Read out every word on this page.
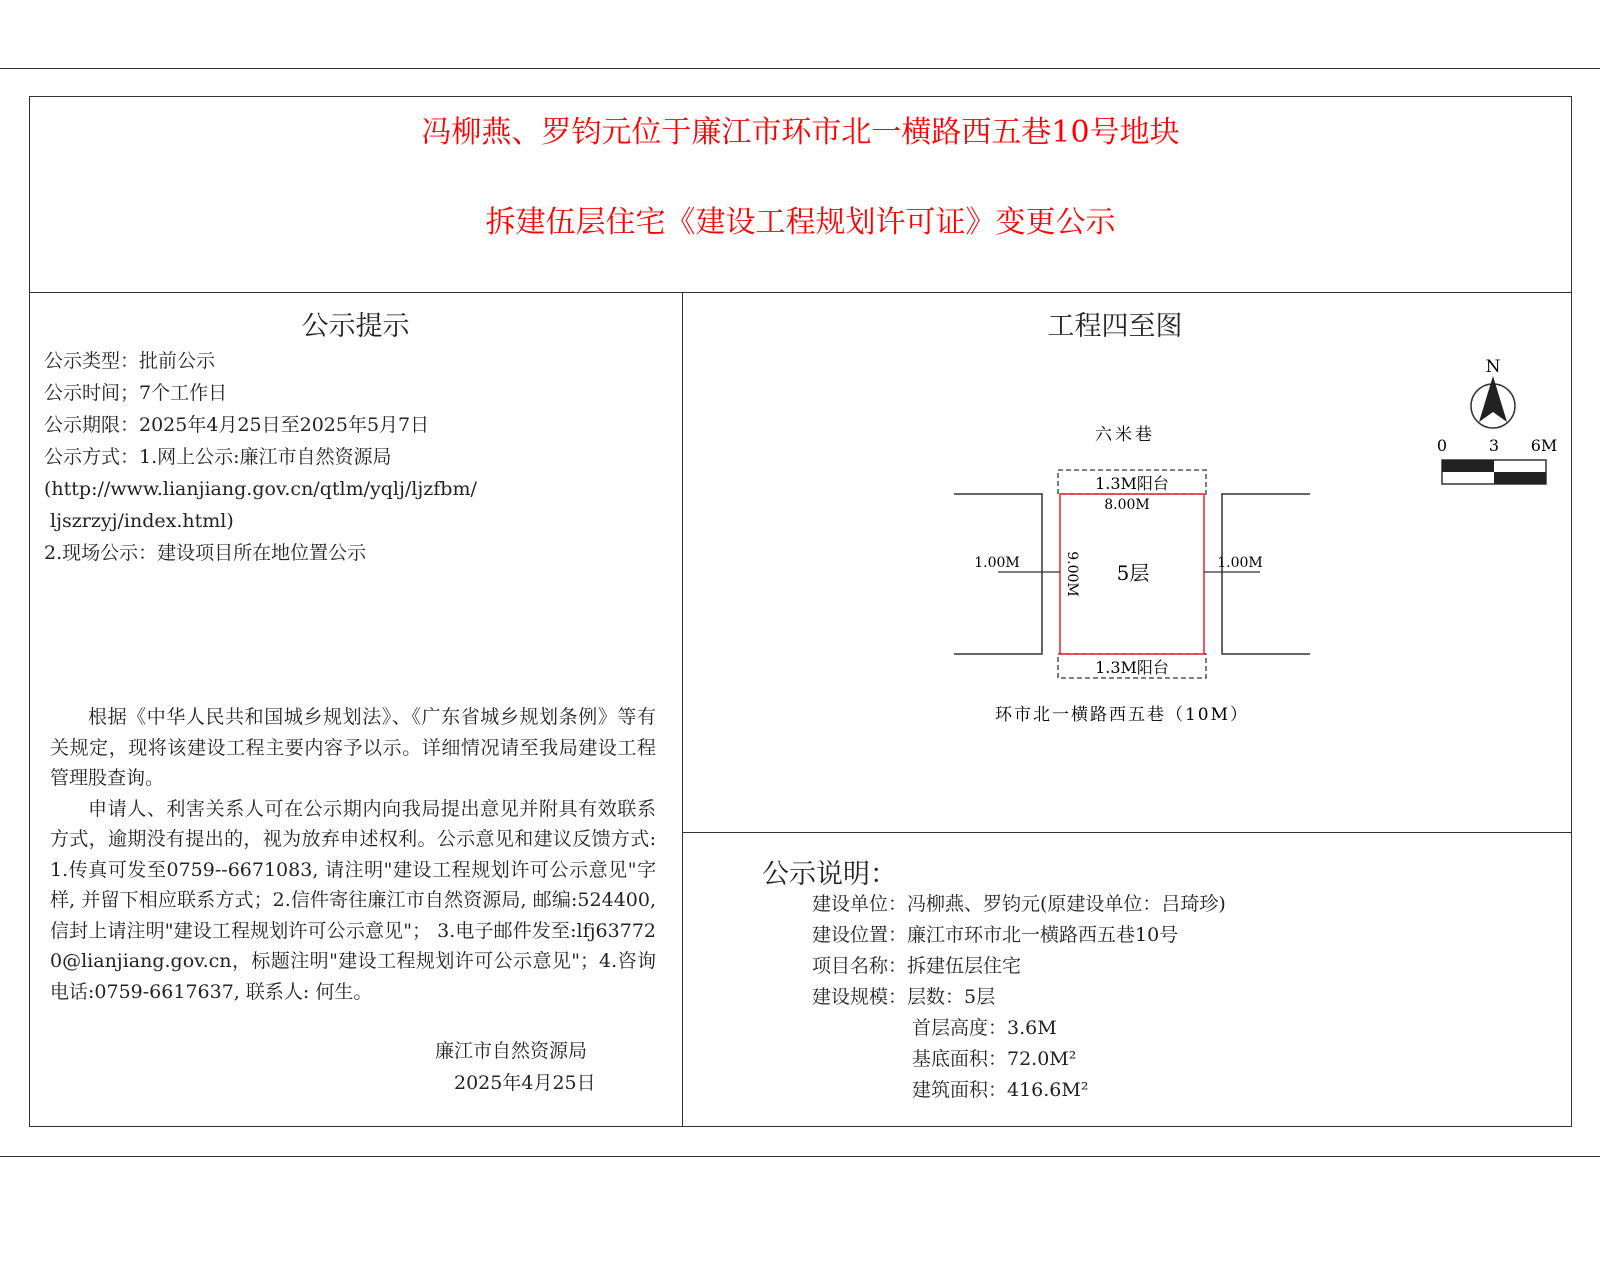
冯柳燕、罗钧元位于廉江市环市北一横路西五巷10号地块
拆建伍层住宅《建设工程规划许可证》变更公示
公示提示
公示类型：批前公示
公示时间；7个工作日
公示期限：2025年4月25日至2025年5月7日
公示方式：1.网上公示:廉江市自然资源局
(http://www.lianjiang.gov.cn/qtlm/yqlj/ljzfbm/
ljszrzyj/index.html)
2.现场公示：建设项目所在地位置公示

根据《中华人民共和国城乡规划法》、《广东省城乡规划条例》等有关规定，现将该建设工程主要内容予以示。详细情况请至我局建设工程管理股查询。

申请人、利害关系人可在公示期内向我局提出意见并附具有效联系方式，逾期没有提出的，视为放弃申述权利。公示意见和建议反馈方式:1.传真可发至0759--6671083, 请注明"建设工程规划许可公示意见"字样, 并留下相应联系方式；2.信件寄往廉江市自然资源局, 邮编:524400, 信封上请注明"建设工程规划许可公示意见"； 3.电子邮件发至:lfj637720@lianjiang.gov.cn，标题注明"建设工程规划许可公示意见"；4.咨询电话:0759-6617637, 联系人: 何生。

廉江市自然资源局
2025年4月25日
工程四至图
N
0	3 6M
六米巷
1.3M阳台
1.3M阳台
8.00M
9.00M 5层
1.00M	1.00M
环市北一横路西五巷（10M）
公示说明：
建设单位：冯柳燕、罗钧元(原建设单位：吕琦珍)
建设位置：廉江市环市北一横路西五巷10号
项目名称：拆建伍层住宅
建设规模：层数：5层
首层高度：3.6M
基底面积：72.0M²
建筑面积：416.6M²
